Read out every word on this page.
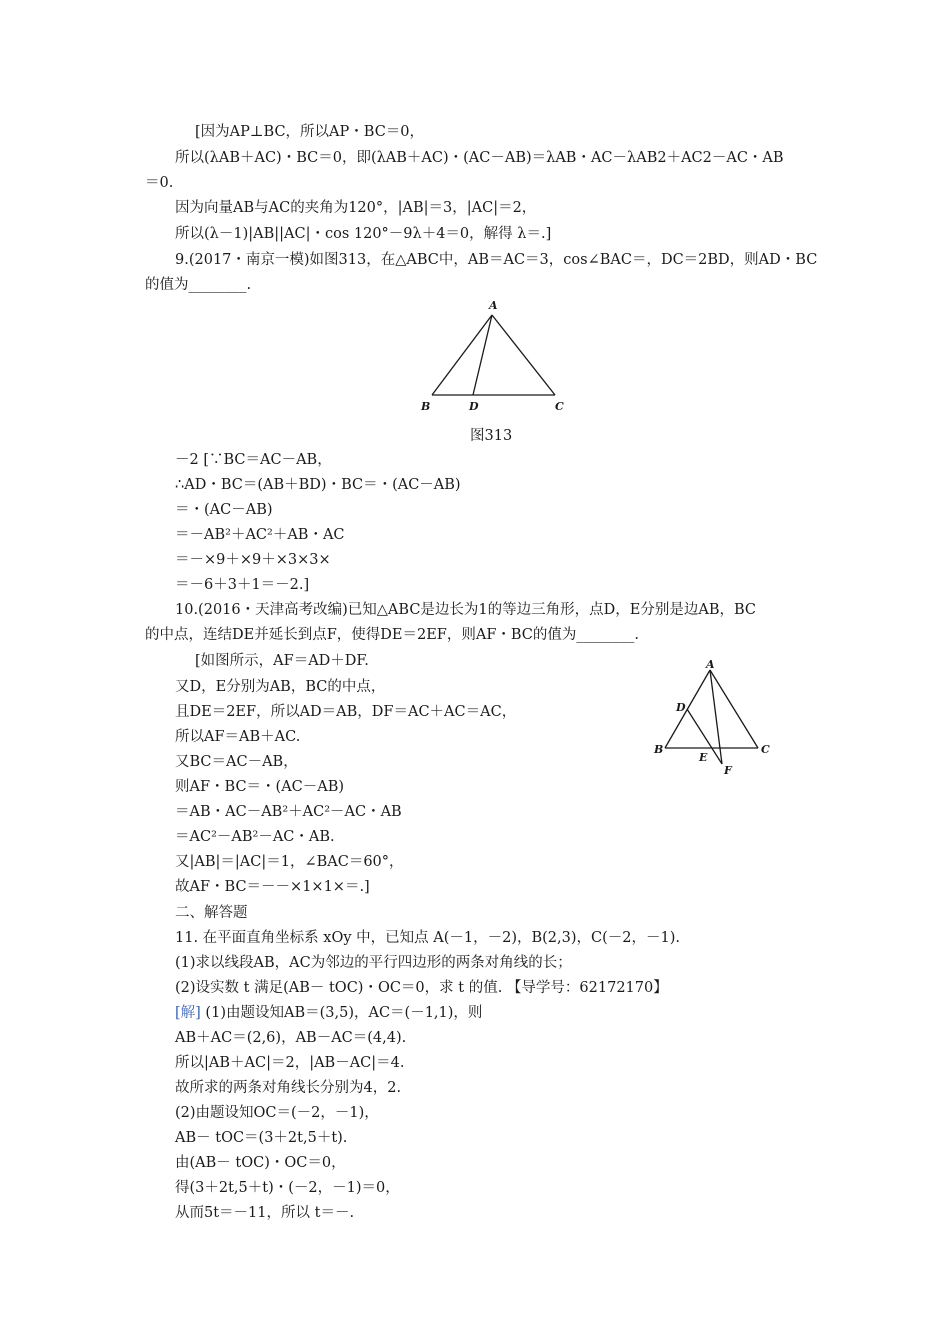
[因为AP⊥BC，所以AP・BC＝0，
所以(λAB＋AC)・BC＝0，即(λAB＋AC)・(AC－AB)＝λAB・AC－λAB2＋AC2－AC・AB
＝0.
因为向量AB与AC的夹角为120°，|AB|＝3，|AC|＝2，
所以(λ－1)|AB||AC|・cos 120°－9λ＋4＝0，解得 λ＝.]
9.(2017・南京一模)如图313，在△ABC中，AB＝AC＝3，cos∠BAC＝，DC＝2BD，则AD・BC
的值为________.
A
B	D	C
图313
－2 [∵BC＝AC－AB，
∴AD・BC＝(AB＋BD)・BC＝・(AC－AB)
＝・(AC－AB)
＝－AB²＋AC²＋AB・AC
＝－×9＋×9＋×3×3×
＝－6＋3＋1＝－2.]
10.(2016・天津高考改编)已知△ABC是边长为1的等边三角形，点D，E分别是边AB，BC
的中点，连结DE并延长到点F，使得DE＝2EF，则AF・BC的值为________.
[如图所示，AF＝AD＋DF.
又D，E分别为AB，BC的中点，
且DE＝2EF，所以AD＝AB，DF＝AC＋AC＝AC，
所以AF＝AB＋AC.
又BC＝AC－AB，
则AF・BC＝・(AC－AB)
＝AB・AC－AB²＋AC²－AC・AB
＝AC²－AB²－AC・AB.
又|AB|＝|AC|＝1，∠BAC＝60°，
故AF・BC＝－－×1×1×＝.]
A
D
B
E
C
F
二、解答题
11. 在平面直角坐标系 xOy 中，已知点 A(－1，－2)，B(2,3)，C(－2，－1).
(1)求以线段AB，AC为邻边的平行四边形的两条对角线的长；
(2)设实数 t 满足(AB－ tOC)・OC＝0，求 t 的值. 【导学号：62172170】
[解] (1)由题设知AB＝(3,5)，AC＝(－1,1)，则
AB＋AC＝(2,6)，AB－AC＝(4,4).
所以|AB＋AC|＝2，|AB－AC|＝4.
故所求的两条对角线长分别为4，2.
(2)由题设知OC＝(－2，－1)，
AB－ tOC＝(3＋2t,5＋t).
由(AB－ tOC)・OC＝0，
得(3＋2t,5＋t)・(－2，－1)＝0，
从而5t＝－11，所以 t＝－.
